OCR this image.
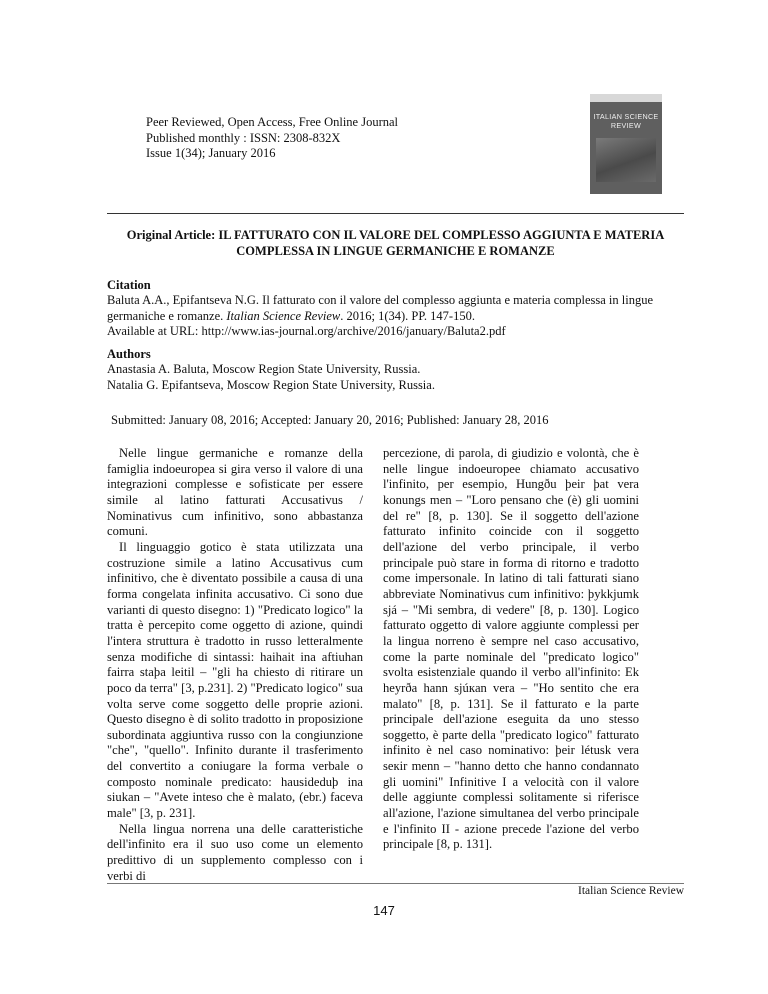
Peer Reviewed, Open Access, Free Online Journal
Published monthly : ISSN: 2308-832X
Issue 1(34); January 2016
ITALIAN SCIENCE
REVIEW
Original Article: IL FATTURATO CON IL VALORE DEL COMPLESSO AGGIUNTA E MATERIA COMPLESSA IN LINGUE GERMANICHE E ROMANZE
Citation
Baluta A.A., Epifantseva N.G. Il fatturato con il valore del complesso aggiunta e materia complessa in lingue germaniche e romanze. Italian Science Review. 2016; 1(34). PP. 147-150.
Available at URL: http://www.ias-journal.org/archive/2016/january/Baluta2.pdf
Authors
Anastasia A. Baluta, Moscow Region State University, Russia.
Natalia G. Epifantseva, Moscow Region State University, Russia.
Submitted: January 08, 2016; Accepted: January 20, 2016; Published: January 28, 2016

Nelle lingue germaniche e romanze della famiglia indoeuropea si gira verso il valore di una integrazioni complesse e sofisticate per essere simile al latino fatturati Accusativus / Nominativus cum infinitivo, sono abbastanza comuni.

Il linguaggio gotico è stata utilizzata una costruzione simile a latino Accusativus cum infinitivo, che è diventato possibile a causa di una forma congelata infinita accusativo. Ci sono due varianti di questo disegno: 1) "Predicato logico" la tratta è percepito come oggetto di azione, quindi l'intera struttura è tradotto in russo letteralmente senza modifiche di sintassi: haihait ina aftiuhan fairra staþa leitil – "gli ha chiesto di ritirare un poco da terra" [3, p.231]. 2) "Predicato logico" sua volta serve come soggetto delle proprie azioni. Questo disegno è di solito tradotto in proposizione subordinata aggiuntiva russo con la congiunzione "che", "quello". Infinito durante il trasferimento del convertito a coniugare la forma verbale o composto nominale predicato: hausideduþ ina siukan – "Avete inteso che è malato, (ebr.) faceva male" [3, p. 231].

Nella lingua norrena una delle caratteristiche dell'infinito era il suo uso come un elemento predittivo di un supplemento complesso con i verbi di

percezione, di parola, di giudizio e volontà, che è nelle lingue indoeuropee chiamato accusativo l'infinito, per esempio, Hungðu þeir þat vera konungs men – "Loro pensano che (è) gli uomini del re" [8, p. 130]. Se il soggetto dell'azione fatturato infinito coincide con il soggetto dell'azione del verbo principale, il verbo principale può stare in forma di ritorno e tradotto come impersonale. In latino di tali fatturati siano abbreviate Nominativus cum infinitivo: þykkjumk sjá – "Mi sembra, di vedere" [8, p. 130]. Logico fatturato oggetto di valore aggiunte complessi per la lingua norreno è sempre nel caso accusativo, come la parte nominale del "predicato logico" svolta esistenziale quando il verbo all'infinito: Ek heyrða hann sjúкan vera – "Ho sentito che era malato" [8, p. 131]. Se il fatturato e la parte principale dell'azione eseguita da uno stesso soggetto, è parte della "predicato logico" fatturato infinito è nel caso nominativo: þeir létusk vera seкir menn – "hanno detto che hanno condannato gli uomini" Infinitive I a velocità con il valore delle aggiunte complessi solitamente si riferisce all'azione, l'azione simultanea del verbo principale e l'infinito II - azione precede l'azione del verbo principale [8, p. 131].

Italian Science Review
147
